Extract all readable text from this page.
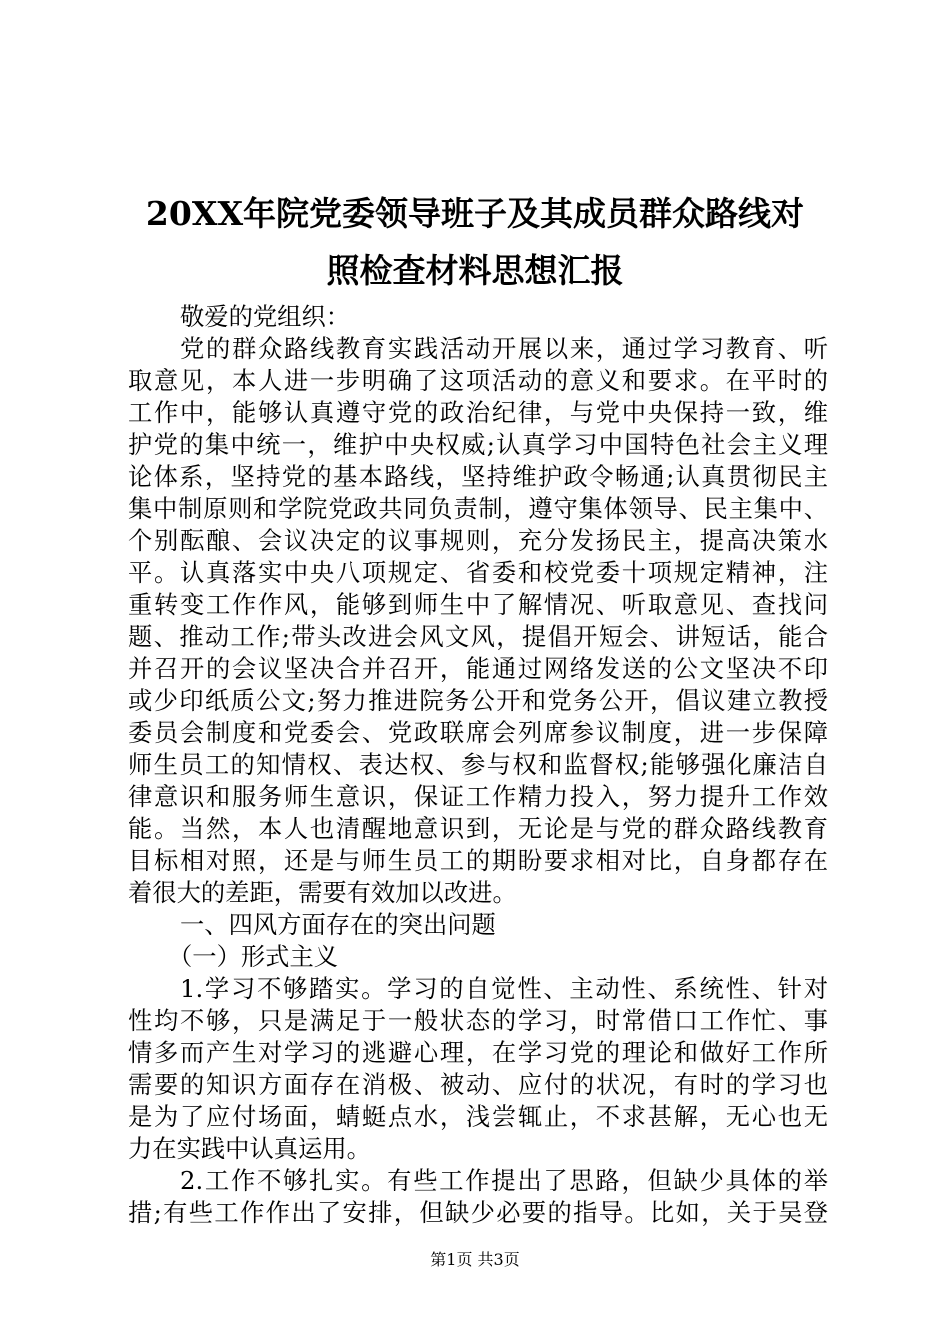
20XX年院党委领导班子及其成员群众路线对
照检查材料思想汇报
敬爱的党组织：
党的群众路线教育实践活动开展以来，通过学习教育、听
取意见，本人进一步明确了这项活动的意义和要求。在平时的
工作中，能够认真遵守党的政治纪律，与党中央保持一致，维
护党的集中统一，维护中央权威;认真学习中国特色社会主义理
论体系，坚持党的基本路线，坚持维护政令畅通;认真贯彻民主
集中制原则和学院党政共同负责制，遵守集体领导、民主集中、
个别酝酿、会议决定的议事规则，充分发扬民主，提高决策水
平。认真落实中央八项规定、省委和校党委十项规定精神，注
重转变工作作风，能够到师生中了解情况、听取意见、查找问
题、推动工作;带头改进会风文风，提倡开短会、讲短话，能合
并召开的会议坚决合并召开，能通过网络发送的公文坚决不印
或少印纸质公文;努力推进院务公开和党务公开，倡议建立教授
委员会制度和党委会、党政联席会列席参议制度，进一步保障
师生员工的知情权、表达权、参与权和监督权;能够强化廉洁自
律意识和服务师生意识，保证工作精力投入，努力提升工作效
能。当然，本人也清醒地意识到，无论是与党的群众路线教育
目标相对照，还是与师生员工的期盼要求相对比，自身都存在
着很大的差距，需要有效加以改进。
一、四风方面存在的突出问题
（一）形式主义
1.学习不够踏实。学习的自觉性、主动性、系统性、针对
性均不够，只是满足于一般状态的学习，时常借口工作忙、事
情多而产生对学习的逃避心理，在学习党的理论和做好工作所
需要的知识方面存在消极、被动、应付的状况，有时的学习也
是为了应付场面，蜻蜓点水，浅尝辄止，不求甚解，无心也无
力在实践中认真运用。
2.工作不够扎实。有些工作提出了思路，但缺少具体的举
措;有些工作作出了安排，但缺少必要的指导。比如，关于吴登
第1页 共3页
